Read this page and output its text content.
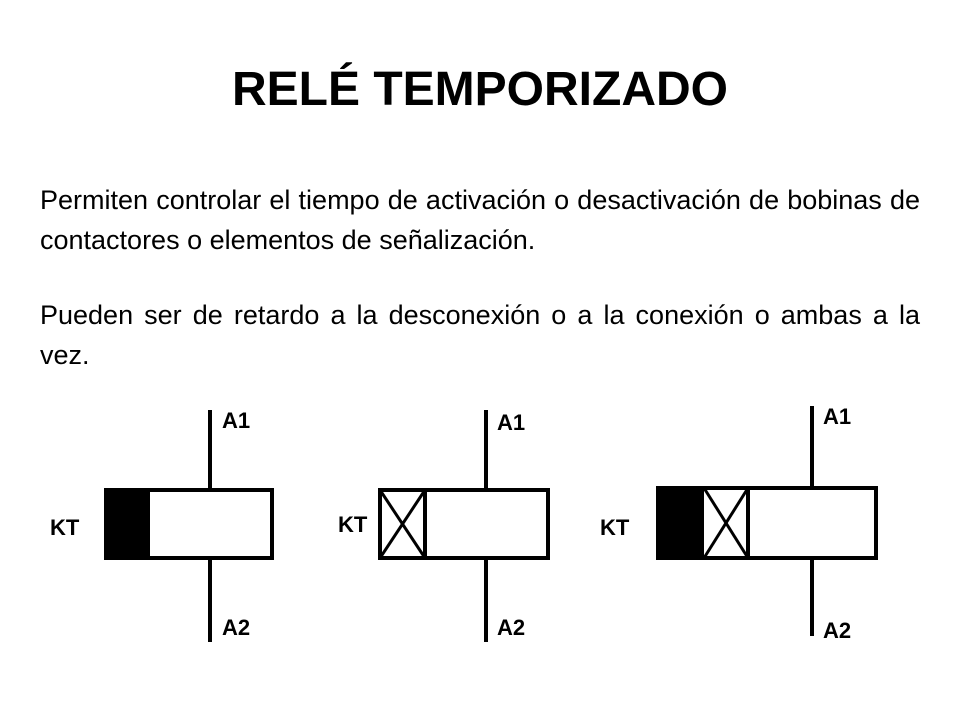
RELÉ TEMPORIZADO

Permiten controlar el tiempo de activación o desactivación de bobinas de contactores o elementos de señalización.

Pueden ser de retardo a la desconexión o a la conexión o ambas a la vez.

A1
KT
A2
A1
KT
A2
A1
KT
A2
